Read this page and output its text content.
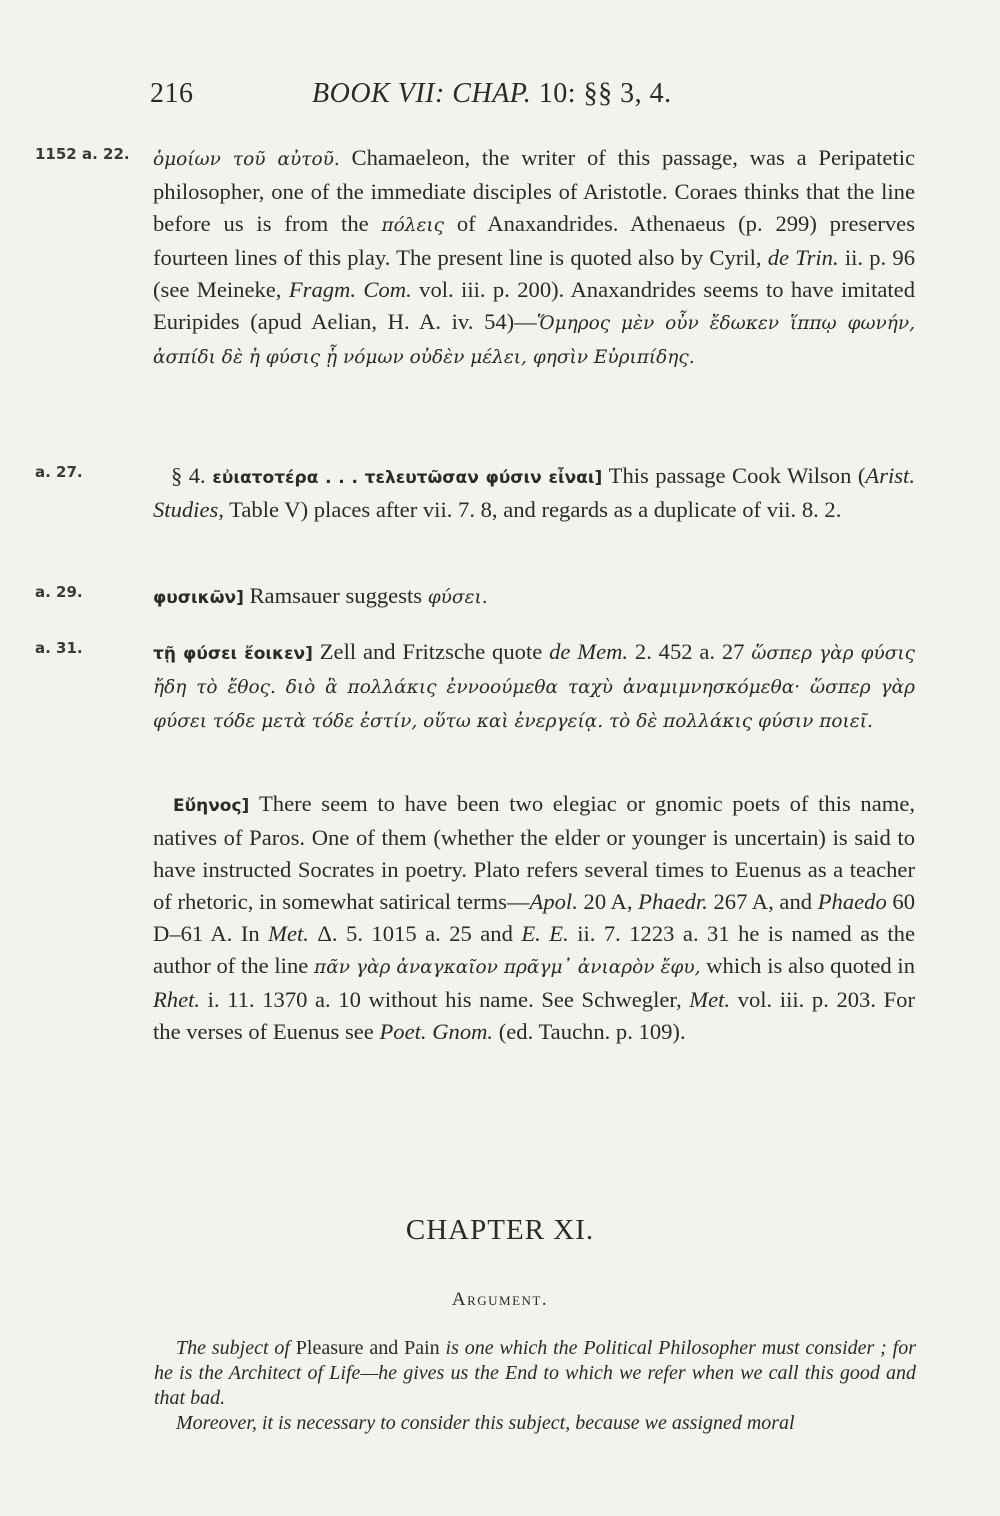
216	BOOK VII: CHAP. 10: §§ 3, 4.
1152 a. 22.	ὁμοίων τοῦ αὐτοῦ. Chamaeleon, the writer of this passage, was a Peripatetic philosopher, one of the immediate disciples of Aristotle. Coraes thinks that the line before us is from the πόλεις of Anaxandrides. Athenaeus (p. 299) preserves fourteen lines of this play. The present line is quoted also by Cyril, de Trin. ii. p. 96 (see Meineke, Fragm. Com. vol. iii. p. 200). Anaxandrides seems to have imitated Euripides (apud Aelian, H. A. iv. 54)—Ὅμηρος μὲν οὖν ἔδωκεν ἵππῳ φωνήν, ἀσπίδι δὲ ἡ φύσις ᾗ νόμων οὐδὲν μέλει, φησὶν Εὐριπίδης.
a. 27.	§ 4. εὐιατοτέρα . . . τελευτῶσαν φύσιν εἶναι] This passage Cook Wilson (Arist. Studies, Table V) places after vii. 7. 8, and regards as a duplicate of vii. 8. 2.
a. 29.	φυσικῶν] Ramsauer suggests φύσει.
a. 31.	τῇ φύσει ἔοικεν] Zell and Fritzsche quote de Mem. 2. 452 a. 27 ὥσπερ γὰρ φύσις ἤδη τὸ ἔθος. διὸ ἃ πολλάκις ἐννοούμεθα ταχὺ ἀναμιμνησκόμεθα· ὥσπερ γὰρ φύσει τόδε μετὰ τόδε ἐστίν, οὕτω καὶ ἐνεργείᾳ. τὸ δὲ πολλάκις φύσιν ποιεῖ.
Εὔηνος] There seem to have been two elegiac or gnomic poets of this name, natives of Paros. One of them (whether the elder or younger is uncertain) is said to have instructed Socrates in poetry. Plato refers several times to Euenus as a teacher of rhetoric, in somewhat satirical terms—Apol. 20 A, Phaedr. 267 A, and Phaedo 60 D–61 A. In Met. Δ. 5. 1015 a. 25 and E. E. ii. 7. 1223 a. 31 he is named as the author of the line πᾶν γὰρ ἀναγκαῖον πρᾶγμ᾽ ἀνιαρὸν ἔφυ, which is also quoted in Rhet. i. 11. 1370 a. 10 without his name. See Schwegler, Met. vol. iii. p. 203. For the verses of Euenus see Poet. Gnom. (ed. Tauchn. p. 109).
CHAPTER XI.
Argument.

The subject of Pleasure and Pain is one which the Political Philosopher must consider ; for he is the Architect of Life—he gives us the End to which we refer when we call this good and that bad.

Moreover, it is necessary to consider this subject, because we assigned moral
